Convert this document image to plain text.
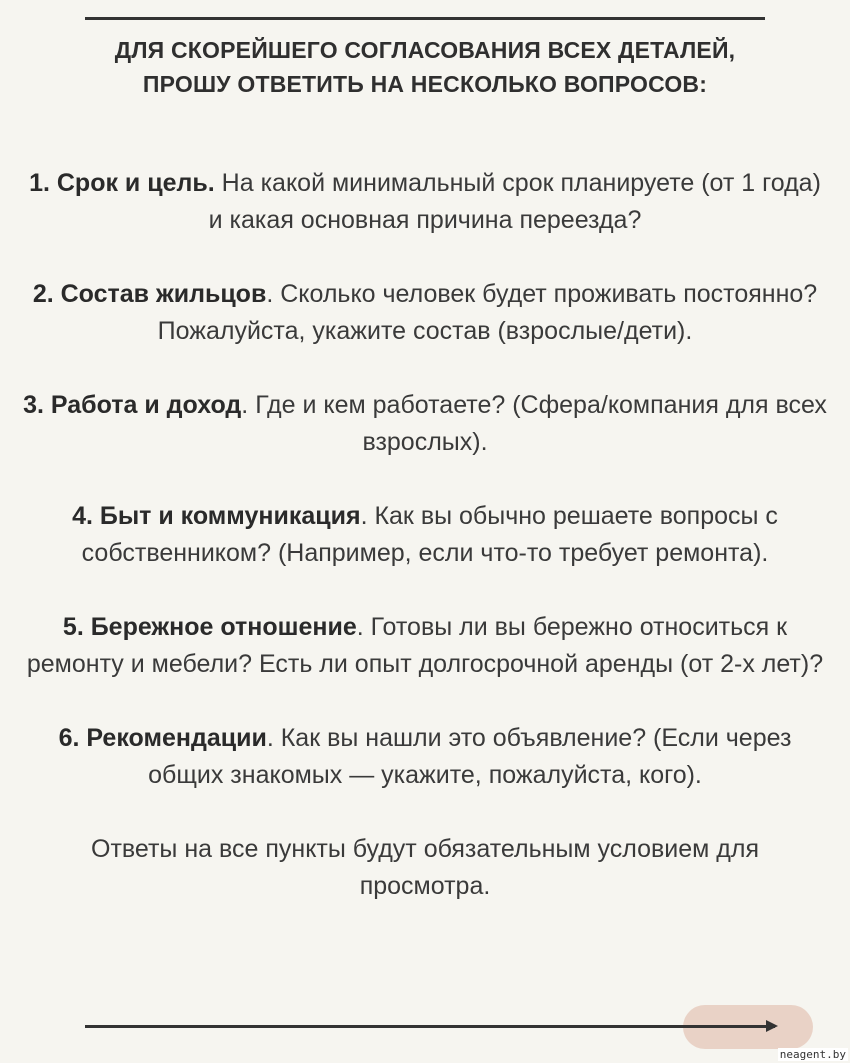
ДЛЯ СКОРЕЙШЕГО СОГЛАСОВАНИЯ ВСЕХ ДЕТАЛЕЙ,
ПРОШУ ОТВЕТИТЬ НА НЕСКОЛЬКО ВОПРОСОВ:

1. Срок и цель. На какой минимальный срок планируете (от 1 года) и какая основная причина переезда?

2. Состав жильцов. Сколько человек будет проживать постоянно? Пожалуйста, укажите состав (взрослые/дети).

3. Работа и доход. Где и кем работаете? (Сфера/компания для всех взрослых).

4. Быт и коммуникация. Как вы обычно решаете вопросы с собственником? (Например, если что-то требует ремонта).

5. Бережное отношение. Готовы ли вы бережно относиться к ремонту и мебели? Есть ли опыт долгосрочной аренды (от 2-х лет)?

6. Рекомендации. Как вы нашли это объявление? (Если через общих знакомых — укажите, пожалуйста, кого).

Ответы на все пункты будут обязательным условием для просмотра.

neagent.by
